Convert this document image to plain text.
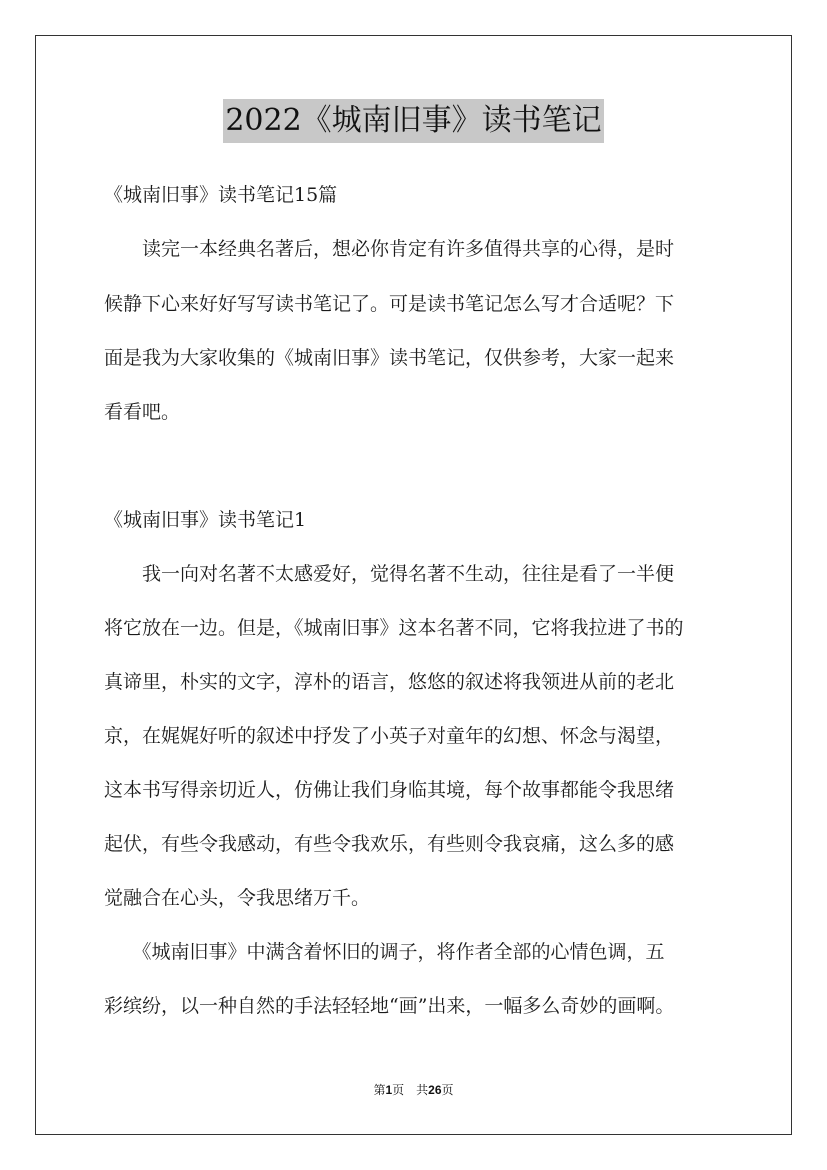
2022《城南旧事》读书笔记
《城南旧事》读书笔记15篇
　　读完一本经典名著后，想必你肯定有许多值得共享的心得，是时
候静下心来好好写写读书笔记了。可是读书笔记怎么写才合适呢？下
面是我为大家收集的《城南旧事》读书笔记，仅供参考，大家一起来
看看吧。
《城南旧事》读书笔记1
　　我一向对名著不太感爱好，觉得名著不生动，往往是看了一半便
将它放在一边。但是，《城南旧事》这本名著不同，它将我拉进了书的
真谛里，朴实的文字，淳朴的语言，悠悠的叙述将我领进从前的老北
京，在娓娓好听的叙述中抒发了小英子对童年的幻想、怀念与渴望，
这本书写得亲切近人，仿佛让我们身临其境，每个故事都能令我思绪
起伏，有些令我感动，有些令我欢乐，有些则令我哀痛，这么多的感
觉融合在心头，令我思绪万千。
　　《城南旧事》中满含着怀旧的调子，将作者全部的心情色调，五
彩缤纷，以一种自然的手法轻轻地“画”出来，一幅多么奇妙的画啊。
第1页 共26页
